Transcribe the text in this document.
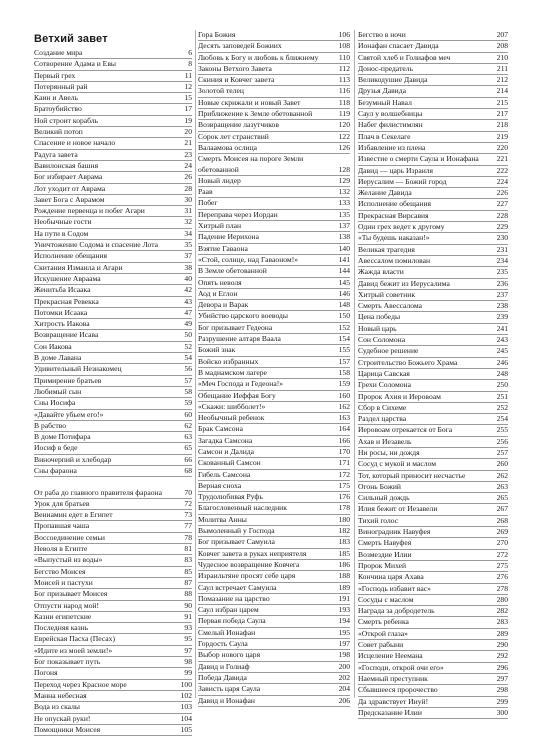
Ветхий завет
Создание мира	6
Сотворение Адама и Евы	8
Первый грех	11
Потерянный рай	12
Каин и Авель	15
Братоубийство	17
Ной строит корабль	19
Великий потоп	20
Спасение и новое начало	21
Радуга завета	23
Вавилонская башня	24
Бог избирает Аврама	26
Лот уходит от Аврама	28
Завет Бога с Аврамом	30
Рождение первенца и побег Агари	31
Необычные гости	32
На пути в Содом	34
Уничтожение Содома и спасение Лота	35
Исполнение обещания	37
Скитания Измаила и Агари	38
Искушение Авраама	40
Женитьба Исаака	42
Прекрасная Ревекка	43
Потомки Исаака	47
Хитрость Иакова	49
Возвращение Исава	50
Сон Иакова	52
В доме Лавана	54
Удивительный Незнакомец	56
Примирение братьев	57
Любимый сын	58
Сны Иосифа	59
«Давайте убьем его!»	60
В рабство	62
В доме Потифара	63
Иосиф в беде	65
Виночерпий и хлебодар	66
Сны фараона	68
От раба до главного правителя фараона	70
Урок для братьев	72
Вениамин едет в Египет	73
Пропавшая чаша	77
Воссоединение семьи	78
Неволя в Египте	81
«Выпустый из воды»	83
Бегство Моисея	85
Моисей и пастухи	87
Бог призывает Моисея	88
Отпусти народ мой!	90
Казни египетские	91
Последняя казнь	93
Еврейская Пасха (Песах)	95
«Идите из моей земли!»	97
Бог показывает путь	98
Погоня	99
Переход через Красное море	100
Манна небесная	102
Вода из скалы	103
Не опускай руки!	104
Помощники Моисея	105
Гора Божия	106
Десять заповедей Божиих	108
Любовь к Богу и любовь к ближнему	110
Законы Ветхого Завета	112
Скиния и Ковчег завета	113
Золотой телец	116
Новые скрижали и новый Завет	118
Приближение к Земле обетованной	119
Возвращение лазутчиков	120
Сорок лет странствий	122
Валаамова ослица	126
Смерть Моисея на пороге Земли обетованной	128
Новый лидер	129
Раав	132
Побег	133
Переправа через Иордан	135
Хитрый план	137
Падение Иерихона	138
Взятие Гаваона	140
«Стой, солнце, над Гаваоном!»	141
В Земле обетованной	144
Опять неволя	145
Аод и Еглон	146
Девора и Варак	148
Убийство царского воеводы	150
Бог призывает Гедеона	152
Разрушение алтаря Ваала	154
Божий знак	155
Войско избранных	157
В мадиамском лагере	158
«Меч Господа и Гедеона!»	159
Обещание Иеффая Богу	160
«Скажи: шибболет!»	162
Необычный ребенок	163
Брак Самсона	164
Загадка Самсона	166
Самсон и Далида	170
Скованный Самсон	171
Гибель Самсона	172
Верная сноха	175
Трудолюбивая Руфь	176
Благословенный наследник	178
Молитва Анны	180
Вымоленный у Господа	182
Бог призывает Самуила	183
Ковчег завета в руках неприятеля	185
Чудесное возвращение Ковчега	186
Израильтяне просят себе царя	188
Саул встречает Самуила	189
Помазание на царство	191
Саул избран царем	193
Первая победа Саула	194
Смелый Ионафан	195
Гордость Саула	197
Выбор нового царя	198
Давид и Голиаф	200
Победа Давида	202
Зависть царя Саула	204
Давид и Ионафан	206
Бегство в ночи	207
Ионафан спасает Давида	208
Святой хлеб и Голиафов меч	210
Донос-предатель	211
Великодушие Давида	212
Друзья Давида	214
Безумный Навал	215
Саул у волшебницы	217
Набег филистимлян	218
Плач в Секелаге	219
Избавление из плена	220
Известие о смерти Саула и Ионафана	221
Давид — царь Израиля	222
Иерусалим — Божий город	224
Желание Давида	226
Исполнение обещания	227
Прекрасная Вирсавия	228
Один грех ведет к другому	229
«Ты будешь наказан!»	230
Великая трагедия	231
Авессалом помилован	234
Жажда власти	235
Давид бежит из Иерусалима	236
Хитрый советник	237
Смерть Авессалома	238
Цена победы	239
Новый царь	241
Сон Соломона	243
Судебное решение	245
Строительство Божьего Храма	246
Царица Савская	248
Грехи Соломона	250
Пророк Ахия и Иеровоам	251
Сбор в Сихеме	252
Раздел царства	254
Иеровоам отрекается от Бога	255
Ахав и Иезавель	256
Ни росы, ни дождя	257
Сосуд с мукой и маслом	260
Тот, который приносит несчастье	262
Огонь Божий	263
Сильный дождь	265
Илия бежит от Иезавели	267
Тихий голос	268
Виноградник Навуфея	269
Смерть Навуфея	270
Возмездие Илии	272
Пророк Михей	275
Кончина царя Ахава	276
«Господь избавит вас»	278
Сосуды с маслом	280
Награда за добродетель	282
Смерть ребенка	283
«Открой глаза»	289
Совет рабыни	290
Исцеление Неемана	292
«Господи, открой очи его»	296
Наемный преступник	297
Сбывшееся пророчество	298
Да здравствует Ииуй!	299
Предсказание Илии	300
